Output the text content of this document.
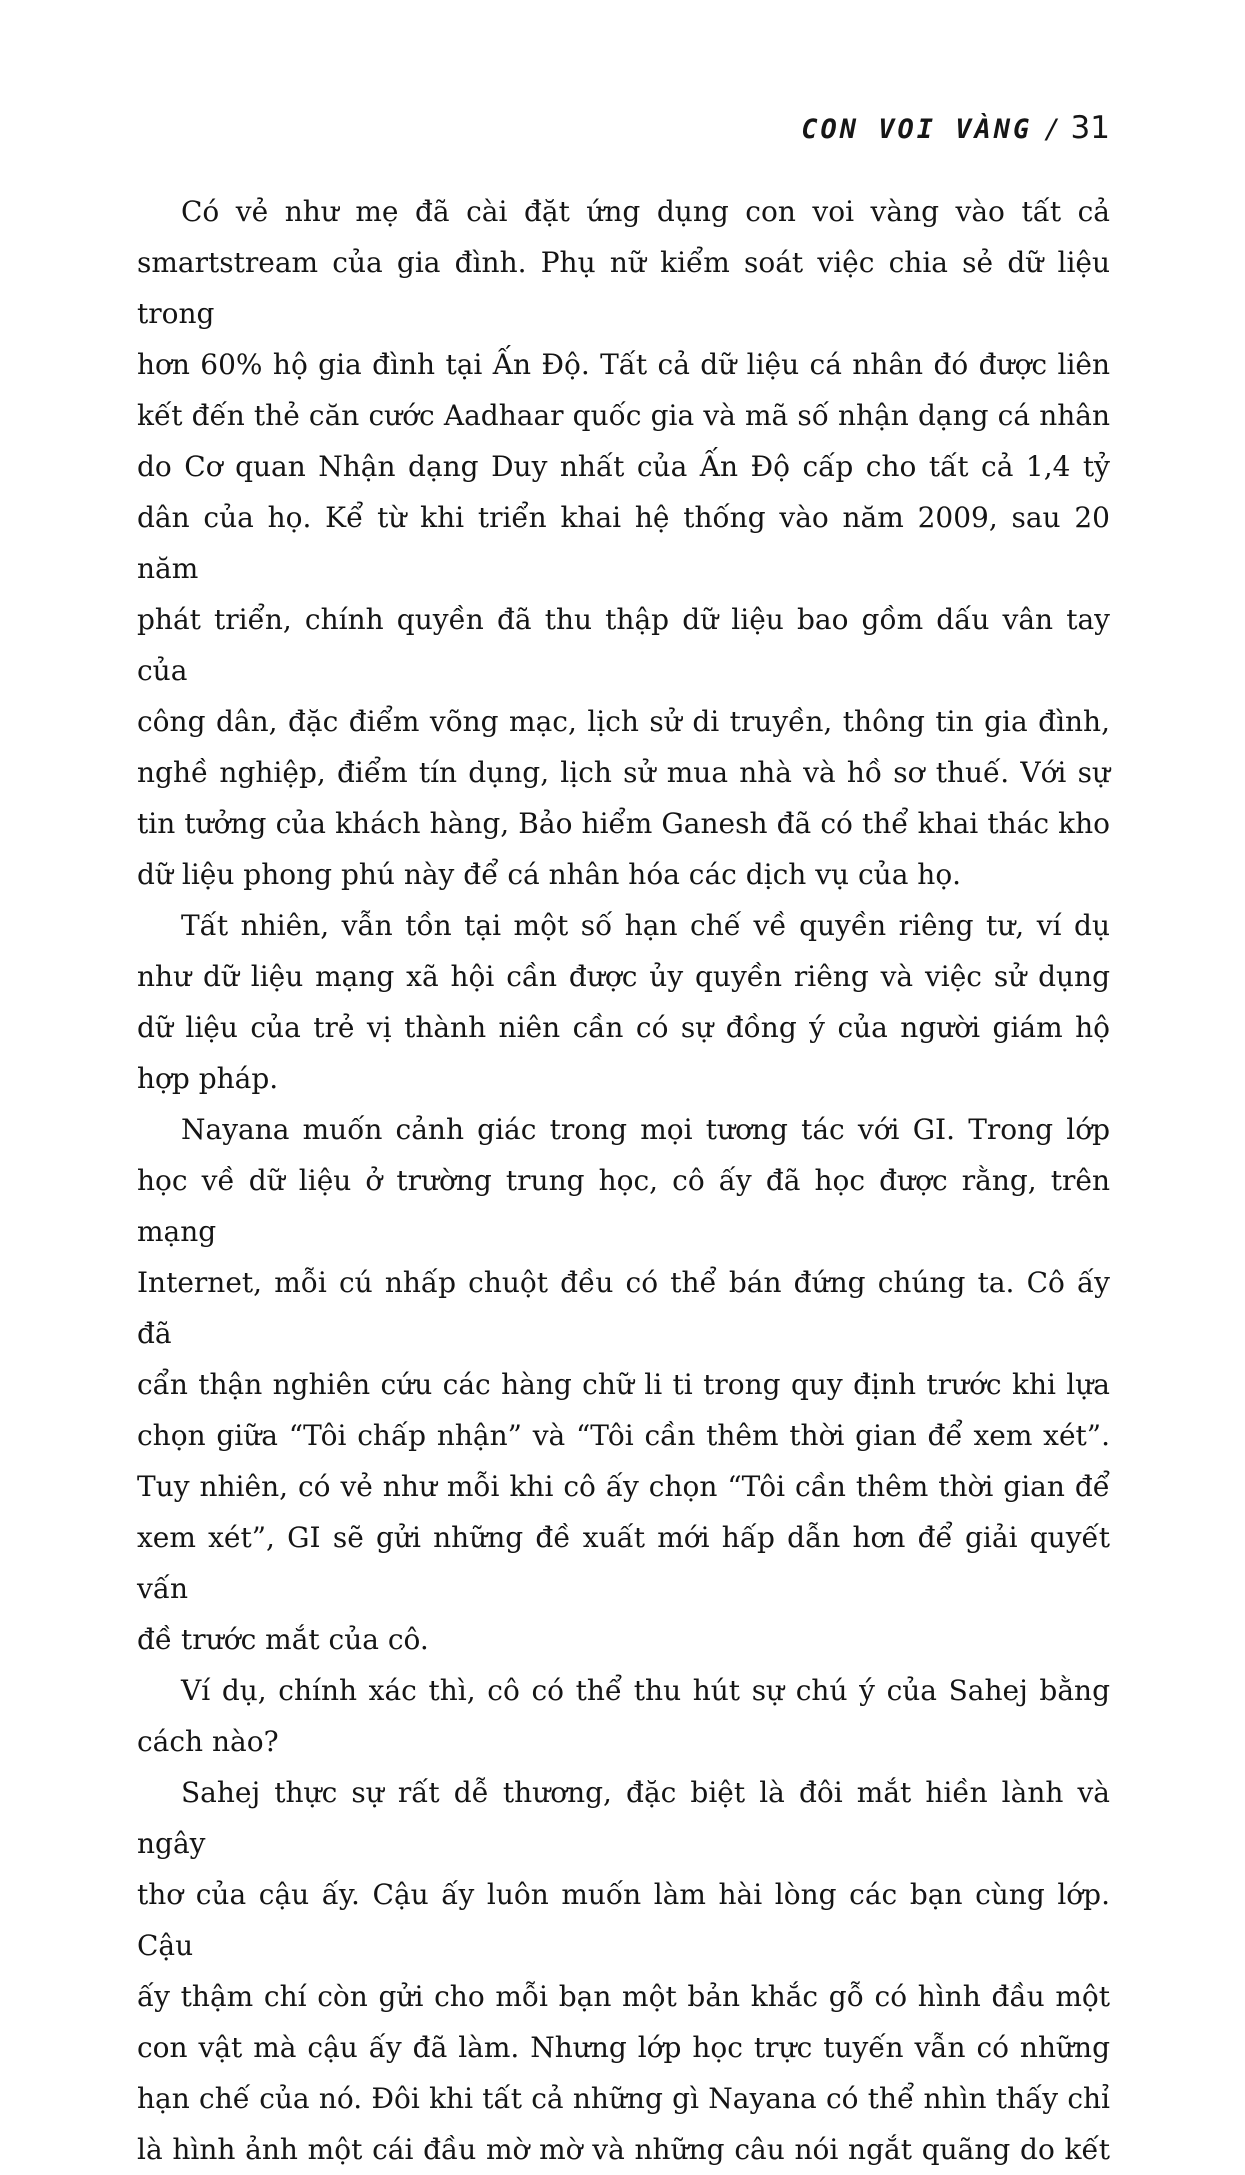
CON VOI VÀNG / 31
Có vẻ như mẹ đã cài đặt ứng dụng con voi vàng vào tất cả
smartstream của gia đình. Phụ nữ kiểm soát việc chia sẻ dữ liệu trong
hơn 60% hộ gia đình tại Ấn Độ. Tất cả dữ liệu cá nhân đó được liên
kết đến thẻ căn cước Aadhaar quốc gia và mã số nhận dạng cá nhân
do Cơ quan Nhận dạng Duy nhất của Ấn Độ cấp cho tất cả 1,4 tỷ
dân của họ. Kể từ khi triển khai hệ thống vào năm 2009, sau 20 năm
phát triển, chính quyền đã thu thập dữ liệu bao gồm dấu vân tay của
công dân, đặc điểm võng mạc, lịch sử di truyền, thông tin gia đình,
nghề nghiệp, điểm tín dụng, lịch sử mua nhà và hồ sơ thuế. Với sự
tin tưởng của khách hàng, Bảo hiểm Ganesh đã có thể khai thác kho
dữ liệu phong phú này để cá nhân hóa các dịch vụ của họ.
Tất nhiên, vẫn tồn tại một số hạn chế về quyền riêng tư, ví dụ
như dữ liệu mạng xã hội cần được ủy quyền riêng và việc sử dụng
dữ liệu của trẻ vị thành niên cần có sự đồng ý của người giám hộ
hợp pháp.
Nayana muốn cảnh giác trong mọi tương tác với GI. Trong lớp
học về dữ liệu ở trường trung học, cô ấy đã học được rằng, trên mạng
Internet, mỗi cú nhấp chuột đều có thể bán đứng chúng ta. Cô ấy đã
cẩn thận nghiên cứu các hàng chữ li ti trong quy định trước khi lựa
chọn giữa “Tôi chấp nhận” và “Tôi cần thêm thời gian để xem xét”.
Tuy nhiên, có vẻ như mỗi khi cô ấy chọn “Tôi cần thêm thời gian để
xem xét”, GI sẽ gửi những đề xuất mới hấp dẫn hơn để giải quyết vấn
đề trước mắt của cô.
Ví dụ, chính xác thì, cô có thể thu hút sự chú ý của Sahej bằng
cách nào?
Sahej thực sự rất dễ thương, đặc biệt là đôi mắt hiền lành và ngây
thơ của cậu ấy. Cậu ấy luôn muốn làm hài lòng các bạn cùng lớp. Cậu
ấy thậm chí còn gửi cho mỗi bạn một bản khắc gỗ có hình đầu một
con vật mà cậu ấy đã làm. Nhưng lớp học trực tuyến vẫn có những
hạn chế của nó. Đôi khi tất cả những gì Nayana có thể nhìn thấy chỉ
là hình ảnh một cái đầu mờ mờ và những câu nói ngắt quãng do kết
